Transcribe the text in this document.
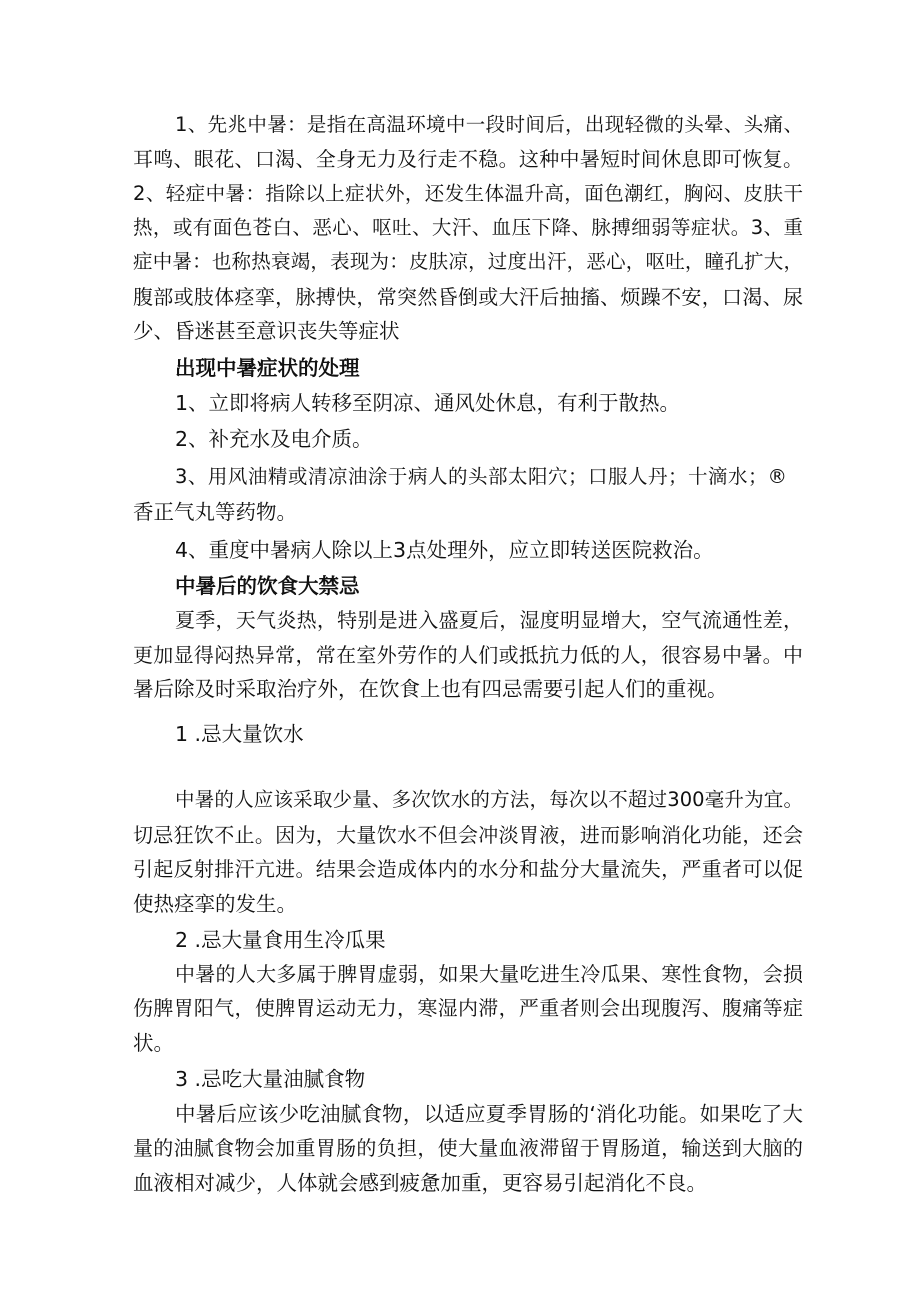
1、先兆中暑：是指在高温环境中一段时间后，出现轻微的头晕、头痛、
耳鸣、眼花、口渴、全身无力及行走不稳。这种中暑短时间休息即可恢复。
2、轻症中暑：指除以上症状外，还发生体温升高，面色潮红，胸闷、皮肤干
热，或有面色苍白、恶心、呕吐、大汗、血压下降、脉搏细弱等症状。3、重
症中暑：也称热衰竭，表现为：皮肤凉，过度出汗，恶心，呕吐，瞳孔扩大，
腹部或肢体痉挛，脉搏快，常突然昏倒或大汗后抽搐、烦躁不安，口渴、尿
少、昏迷甚至意识丧失等症状
出现中暑症状的处理
1、立即将病人转移至阴凉、通风处休息，有利于散热。
2、补充水及电介质。
3、用风油精或清凉油涂于病人的头部太阳穴；口服人丹；十滴水；®
香正气丸等药物。
4、重度中暑病人除以上3点处理外，应立即转送医院救治。
中暑后的饮食大禁忌
夏季，天气炎热，特别是进入盛夏后，湿度明显增大，空气流通性差，
更加显得闷热异常，常在室外劳作的人们或抵抗力低的人，很容易中暑。中
暑后除及时采取治疗外，在饮食上也有四忌需要引起人们的重视。
1 .忌大量饮水
中暑的人应该采取少量、多次饮水的方法，每次以不超过300毫升为宜。
切忌狂饮不止。因为，大量饮水不但会冲淡胃液，进而影响消化功能，还会
引起反射排汗亢进。结果会造成体内的水分和盐分大量流失，严重者可以促
使热痉挛的发生。
2 .忌大量食用生冷瓜果
中暑的人大多属于脾胃虚弱，如果大量吃进生冷瓜果、寒性食物，会损
伤脾胃阳气，使脾胃运动无力，寒湿内滞，严重者则会出现腹泻、腹痛等症
状。
3 .忌吃大量油腻食物
中暑后应该少吃油腻食物，以适应夏季胃肠的‘消化功能。如果吃了大
量的油腻食物会加重胃肠的负担，使大量血液滞留于胃肠道，输送到大脑的
血液相对减少，人体就会感到疲惫加重，更容易引起消化不良。
